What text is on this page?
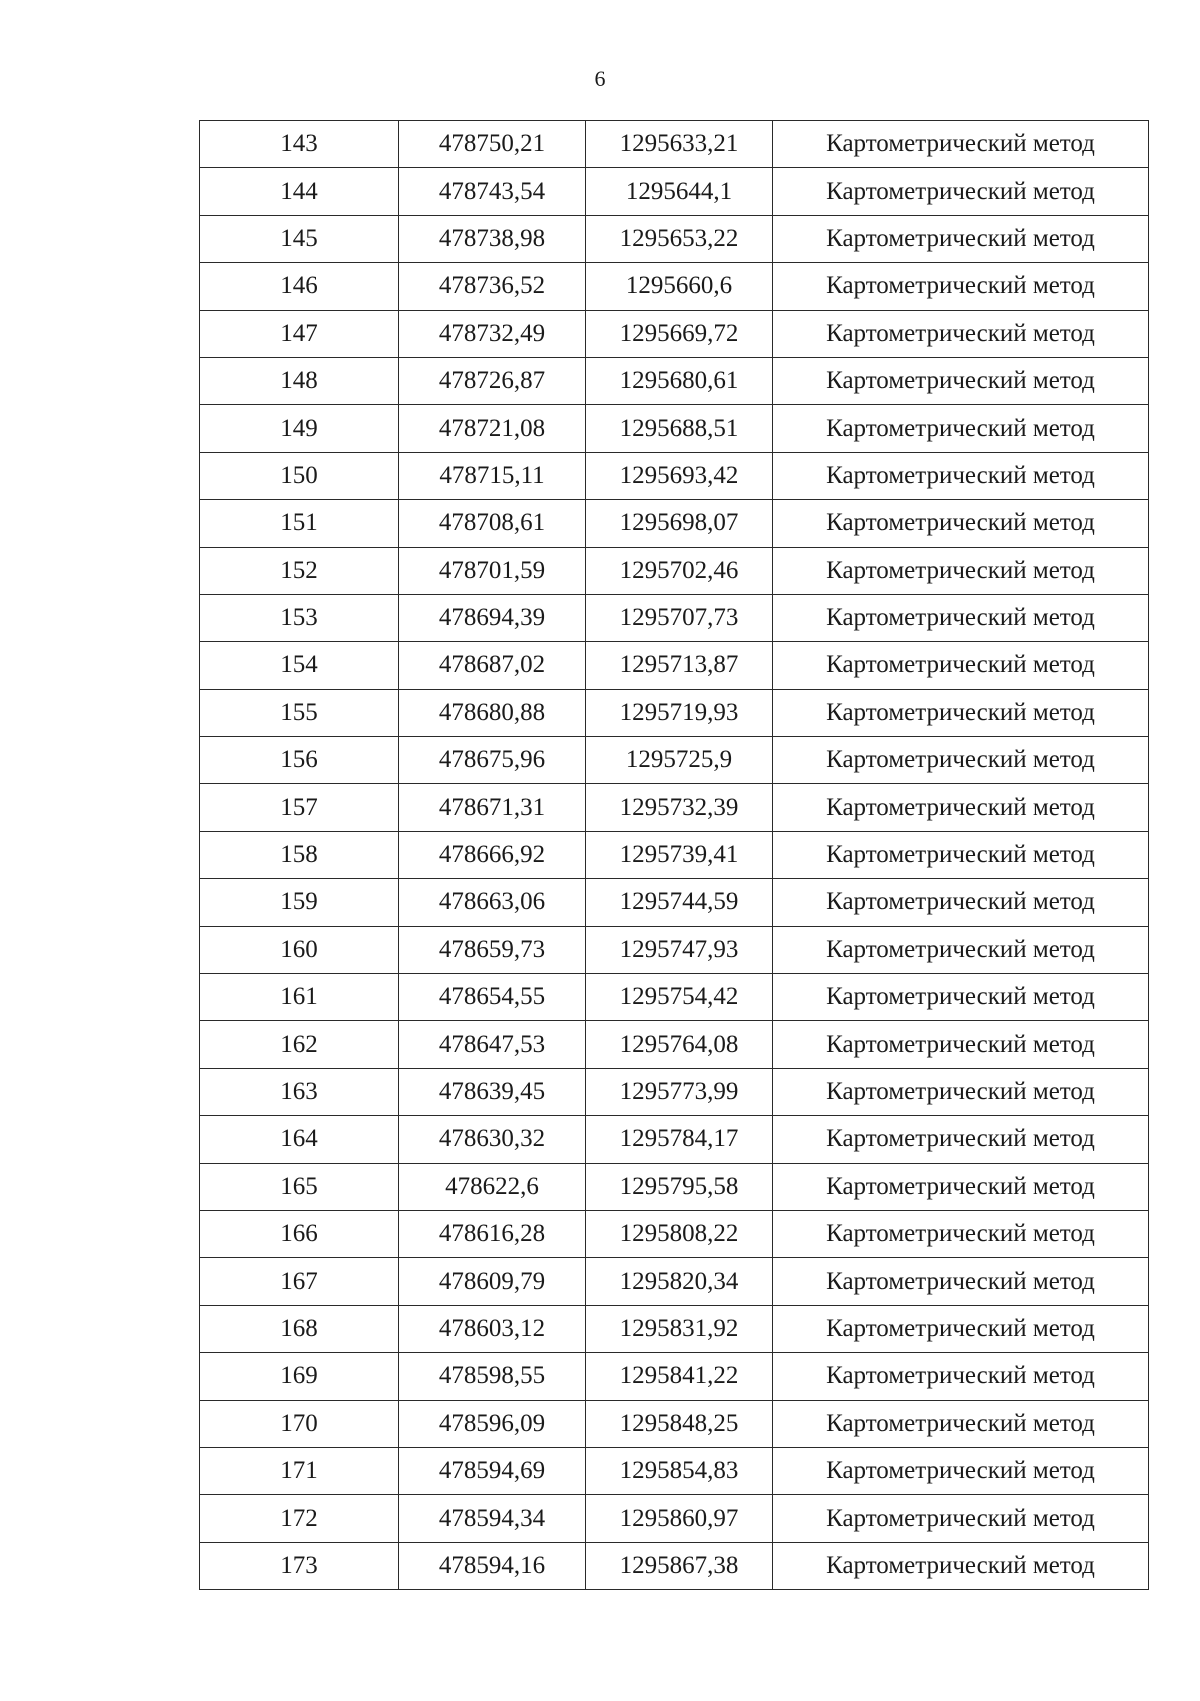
6
143	478750,21	1295633,21	Картометрический метод
144	478743,54	1295644,1	Картометрический метод
145	478738,98	1295653,22	Картометрический метод
146	478736,52	1295660,6	Картометрический метод
147	478732,49	1295669,72	Картометрический метод
148	478726,87	1295680,61	Картометрический метод
149	478721,08	1295688,51	Картометрический метод
150	478715,11	1295693,42	Картометрический метод
151	478708,61	1295698,07	Картометрический метод
152	478701,59	1295702,46	Картометрический метод
153	478694,39	1295707,73	Картометрический метод
154	478687,02	1295713,87	Картометрический метод
155	478680,88	1295719,93	Картометрический метод
156	478675,96	1295725,9	Картометрический метод
157	478671,31	1295732,39	Картометрический метод
158	478666,92	1295739,41	Картометрический метод
159	478663,06	1295744,59	Картометрический метод
160	478659,73	1295747,93	Картометрический метод
161	478654,55	1295754,42	Картометрический метод
162	478647,53	1295764,08	Картометрический метод
163	478639,45	1295773,99	Картометрический метод
164	478630,32	1295784,17	Картометрический метод
165	478622,6	1295795,58	Картометрический метод
166	478616,28	1295808,22	Картометрический метод
167	478609,79	1295820,34	Картометрический метод
168	478603,12	1295831,92	Картометрический метод
169	478598,55	1295841,22	Картометрический метод
170	478596,09	1295848,25	Картометрический метод
171	478594,69	1295854,83	Картометрический метод
172	478594,34	1295860,97	Картометрический метод
173	478594,16	1295867,38	Картометрический метод
